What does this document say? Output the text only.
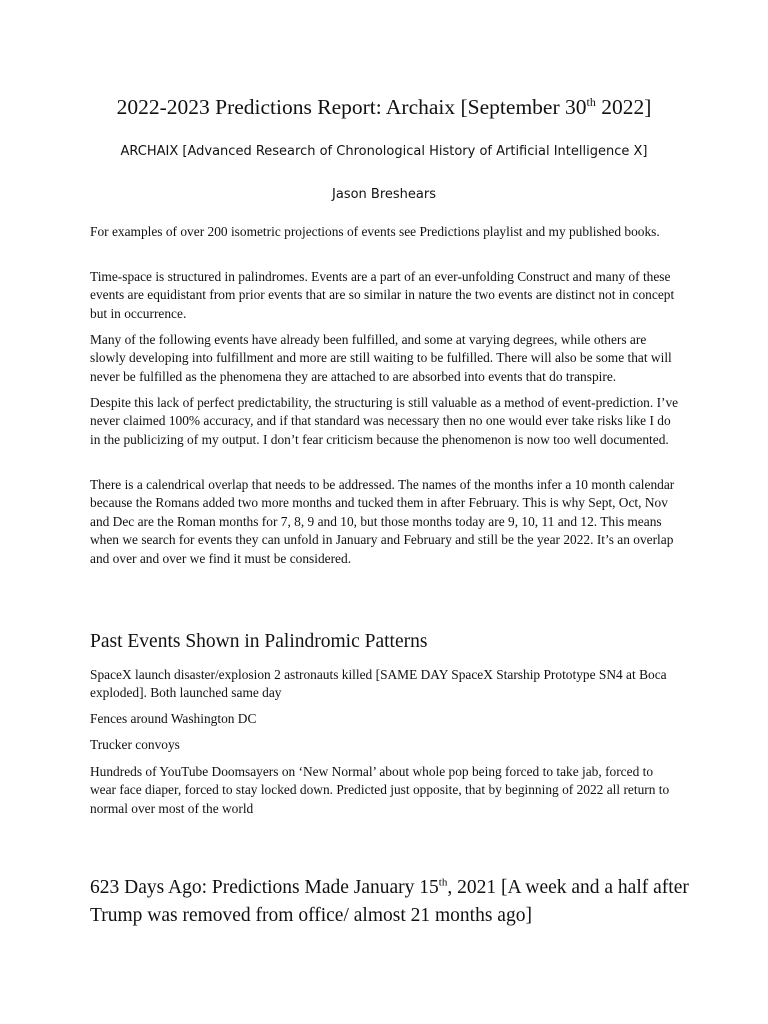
2022-2023 Predictions Report: Archaix [September 30th 2022]
ARCHAIX [Advanced Research of Chronological History of Artificial Intelligence X]
Jason Breshears

For examples of over 200 isometric projections of events see Predictions playlist and my published books.

Time-space is structured in palindromes. Events are a part of an ever-unfolding Construct and many of these events are equidistant from prior events that are so similar in nature the two events are distinct not in concept but in occurrence.

Many of the following events have already been fulfilled, and some at varying degrees, while others are slowly developing into fulfillment and more are still waiting to be fulfilled. There will also be some that will never be fulfilled as the phenomena they are attached to are absorbed into events that do transpire.

Despite this lack of perfect predictability, the structuring is still valuable as a method of event-prediction. I’ve never claimed 100% accuracy, and if that standard was necessary then no one would ever take risks like I do in the publicizing of my output. I don’t fear criticism because the phenomenon is now too well documented.

There is a calendrical overlap that needs to be addressed. The names of the months infer a 10 month calendar because the Romans added two more months and tucked them in after February. This is why Sept, Oct, Nov and Dec are the Roman months for 7, 8, 9 and 10, but those months today are 9, 10, 11 and 12. This means when we search for events they can unfold in January and February and still be the year 2022. It’s an overlap and over and over we find it must be considered.

Past Events Shown in Palindromic Patterns

SpaceX launch disaster/explosion 2 astronauts killed [SAME DAY SpaceX Starship Prototype SN4 at Boca exploded]. Both launched same day

Fences around Washington DC

Trucker convoys

Hundreds of YouTube Doomsayers on ‘New Normal’ about whole pop being forced to take jab, forced to wear face diaper, forced to stay locked down. Predicted just opposite, that by beginning of 2022 all return to normal over most of the world

623 Days Ago: Predictions Made January 15th, 2021 [A week and a half after Trump was removed from office/ almost 21 months ago]
